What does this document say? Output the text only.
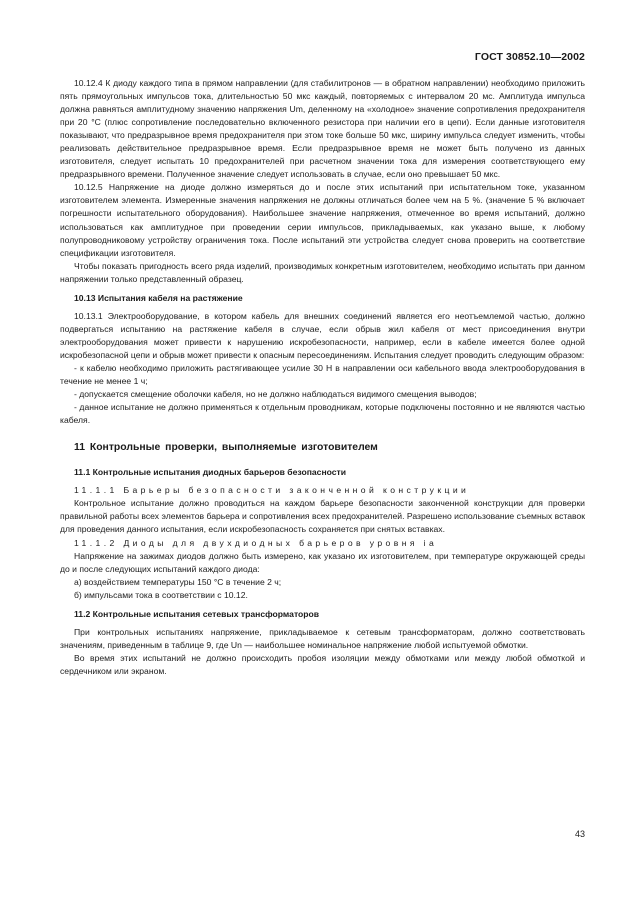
ГОСТ 30852.10—2002

10.12.4 К диоду каждого типа в прямом направлении (для стабилитронов — в обратном направлении) необходимо приложить пять прямоугольных импульсов тока, длительностью 50 мкс каждый, повторяемых с интервалом 20 мс. Амплитуда импульса должна равняться амплитудному значению напряжения Um, деленному на «холодное» значение сопротивления предохранителя при 20 °С (плюс сопротивление последовательно включенного резистора при наличии его в цепи). Если данные изготовителя показывают, что предразрывное время предохранителя при этом токе больше 50 мкс, ширину импульса следует изменить, чтобы реализовать действительное предразрывное время. Если предразрывное время не может быть получено из данных изготовителя, следует испытать 10 предохранителей при расчетном значении тока для измерения соответствующего ему предразрывного времени. Полученное значение следует использовать в случае, если оно превышает 50 мкс.

10.12.5 Напряжение на диоде должно измеряться до и после этих испытаний при испытательном токе, указанном изготовителем элемента. Измеренные значения напряжения не должны отличаться более чем на 5 %. (значение 5 % включает погрешности испытательного оборудования). Наибольшее значение напряжения, отмеченное во время испытаний, должно использоваться как амплитудное при проведении серии импульсов, прикладываемых, как указано выше, к любому полупроводниковому устройству ограничения тока. После испытаний эти устройства следует снова проверить на соответствие спецификации изготовителя.

Чтобы показать пригодность всего ряда изделий, производимых конкретным изготовителем, необходимо испытать при данном напряжении только представленный образец.

10.13 Испытания кабеля на растяжение

10.13.1 Электрооборудование, в котором кабель для внешних соединений является его неотъемлемой частью, должно подвергаться испытанию на растяжение кабеля в случае, если обрыв жил кабеля от мест присоединения внутри электрооборудования может привести к нарушению искробезопасности, например, если в кабеле имеется более одной искробезопасной цепи и обрыв может привести к опасным пересоединениям. Испытания следует проводить следующим образом:

- к кабелю необходимо приложить растягивающее усилие 30 Н в направлении оси кабельного ввода электрооборудования в течение не менее 1 ч;

- допускается смещение оболочки кабеля, но не должно наблюдаться видимого смещения выводов;

- данное испытание не должно применяться к отдельным проводникам, которые подключены постоянно и не являются частью кабеля.

11 Контрольные проверки, выполняемые изготовителем

11.1 Контрольные испытания диодных барьеров безопасности

11.1.1 Барьеры безопасности законченной конструкции

Контрольное испытание должно проводиться на каждом барьере безопасности законченной конструкции для проверки правильной работы всех элементов барьера и сопротивления всех предохранителей. Разрешено использование съемных вставок для проведения данного испытания, если искробезопасность сохраняется при снятых вставках.

11.1.2 Диоды для двухдиодных барьеров уровня ia

Напряжение на зажимах диодов должно быть измерено, как указано их изготовителем, при температуре окружающей среды до и после следующих испытаний каждого диода:

а) воздействием температуры 150 °С в течение 2 ч;

б) импульсами тока в соответствии с 10.12.

11.2 Контрольные испытания сетевых трансформаторов

При контрольных испытаниях напряжение, прикладываемое к сетевым трансформаторам, должно соответствовать значениям, приведенным в таблице 9, где Un — наибольшее номинальное напряжение любой испытуемой обмотки.

Во время этих испытаний не должно происходить пробоя изоляции между обмотками или между любой обмоткой и сердечником или экраном.

43
